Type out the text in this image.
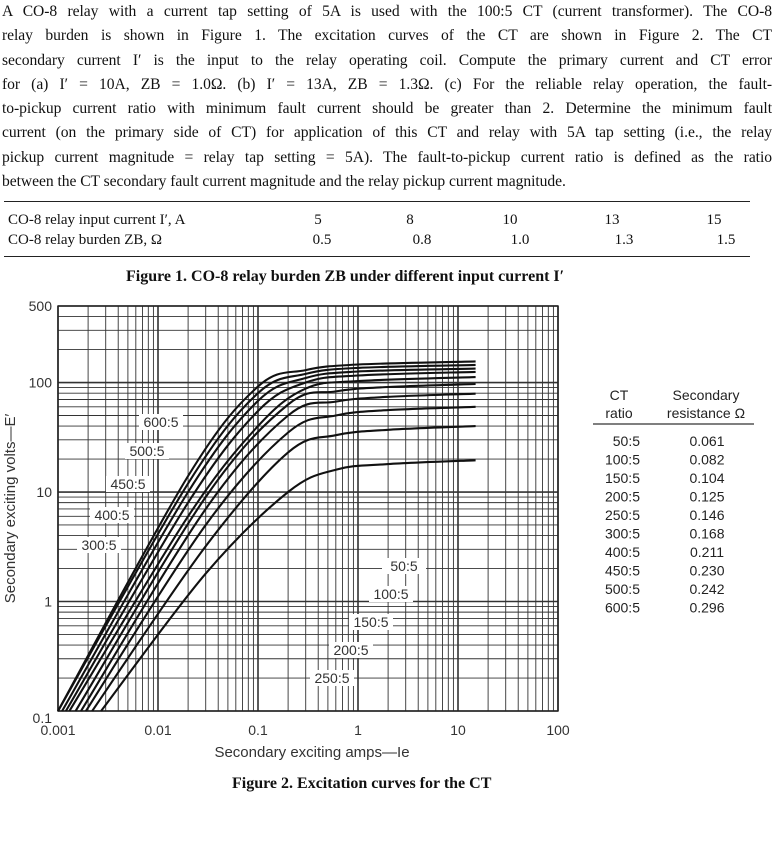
A CO-8 relay with a current tap setting of 5A is used with the 100:5 CT (current transformer). The CO-8
relay burden is shown in Figure 1. The excitation curves of the CT are shown in Figure 2. The CT
secondary current I′ is the input to the relay operating coil. Compute the primary current and CT error
for (a) I′ = 10A, ZB = 1.0Ω. (b) I′ = 13A, ZB = 1.3Ω. (c) For the reliable relay operation, the fault-
to-pickup current ratio with minimum fault current should be greater than 2. Determine the minimum fault
current (on the primary side of CT) for application of this CT and relay with 5A tap setting (i.e., the relay
pickup current magnitude = relay tap setting = 5A). The fault-to-pickup current ratio is defined as the ratio
between the CT secondary fault current magnitude and the relay pickup current magnitude.
CO-8 relay input current I′, A	5	8	10	13	15
CO-8 relay burden ZB, Ω	0.5	0.8	1.0	1.3	1.5
Figure 1. CO-8 relay burden ZB under different input current I′
0.001	0.01	0.1	1	10	100
0.1
1
10
100
500
Secondary exciting amps—Ie
Secondary exciting volts—E′	50:5
100:5
150:5
200:5
250:5
300:5
400:5
450:5
500:5
600:5
CT
ratio
Secondary
resistance Ω
50:5	0.061
100:5	0.082
150:5	0.104
200:5	0.125
250:5	0.146
300:5	0.168
400:5	0.211
450:5	0.230
500:5	0.242
600:5	0.296
Figure 2. Excitation curves for the CT
